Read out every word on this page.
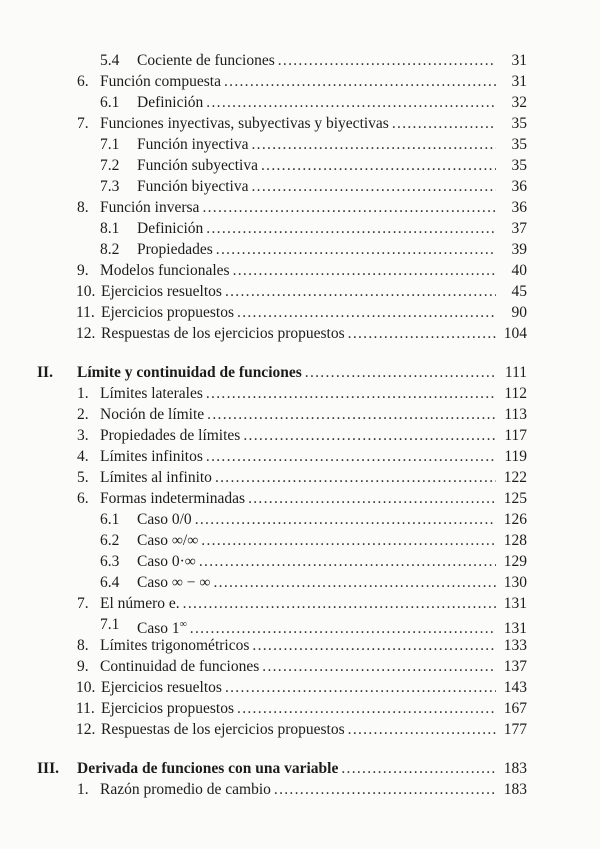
5.4 Cociente de funciones .....	31
6. Función compuesta .....	31
6.1 Definición .....	32
7. Funciones inyectivas, subyectivas y biyectivas .....	35
7.1 Función inyectiva .....	35
7.2 Función subyectiva .....	35
7.3 Función biyectiva .....	36
8. Función inversa .....	36
8.1 Definición .....	37
8.2 Propiedades .....	39
9. Modelos funcionales .....	40
10. Ejercicios resueltos .....	45
11. Ejercicios propuestos .....	90
12. Respuestas de los ejercicios propuestos .....	104
II. Límite y continuidad de funciones .....	111
1. Límites laterales .....	112
2. Noción de límite .....	113
3. Propiedades de límites .....	117
4. Límites infinitos .....	119
5. Límites al infinito .....	122
6. Formas indeterminadas .....	125
6.1 Caso 0/0 .....	126
6.2 Caso ∞/∞ .....	128
6.3 Caso 0·∞ .....	129
6.4 Caso ∞ − ∞ .....	130
7. El número e. .....	131
7.1 Caso 1∞ .....	131
8. Límites trigonométricos .....	133
9. Continuidad de funciones .....	137
10. Ejercicios resueltos .....	143
11. Ejercicios propuestos .....	167
12. Respuestas de los ejercicios propuestos .....	177
III. Derivada de funciones con una variable .....	183
1. Razón promedio de cambio .....	183
